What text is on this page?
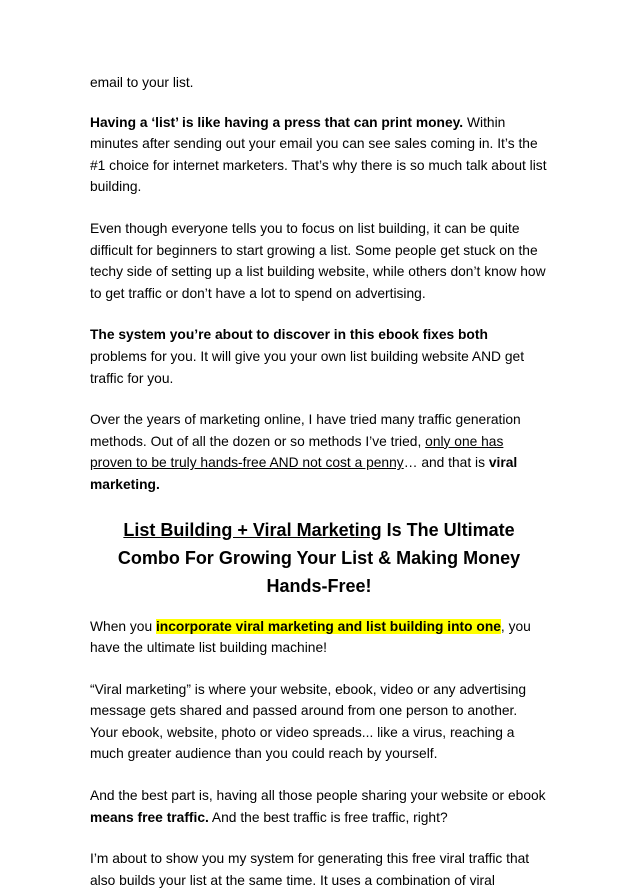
email to your list.

Having a ‘list’ is like having a press that can print money. Within minutes after sending out your email you can see sales coming in. It’s the #1 choice for internet marketers. That’s why there is so much talk about list building.

Even though everyone tells you to focus on list building, it can be quite difficult for beginners to start growing a list. Some people get stuck on the techy side of setting up a list building website, while others don’t know how to get traffic or don’t have a lot to spend on advertising.

The system you’re about to discover in this ebook fixes both problems for you. It will give you your own list building website AND get traffic for you.

Over the years of marketing online, I have tried many traffic generation methods. Out of all the dozen or so methods I’ve tried, only one has proven to be truly hands-free AND not cost a penny… and that is viral marketing.

List Building + Viral Marketing Is The Ultimate Combo For Growing Your List & Making Money Hands-Free!

When you incorporate viral marketing and list building into one, you have the ultimate list building machine!

“Viral marketing” is where your website, ebook, video or any advertising message gets shared and passed around from one person to another. Your ebook, website, photo or video spreads... like a virus, reaching a much greater audience than you could reach by yourself.

And the best part is, having all those people sharing your website or ebook means free traffic. And the best traffic is free traffic, right?

I’m about to show you my system for generating this free viral traffic that also builds your list at the same time. It uses a combination of viral
